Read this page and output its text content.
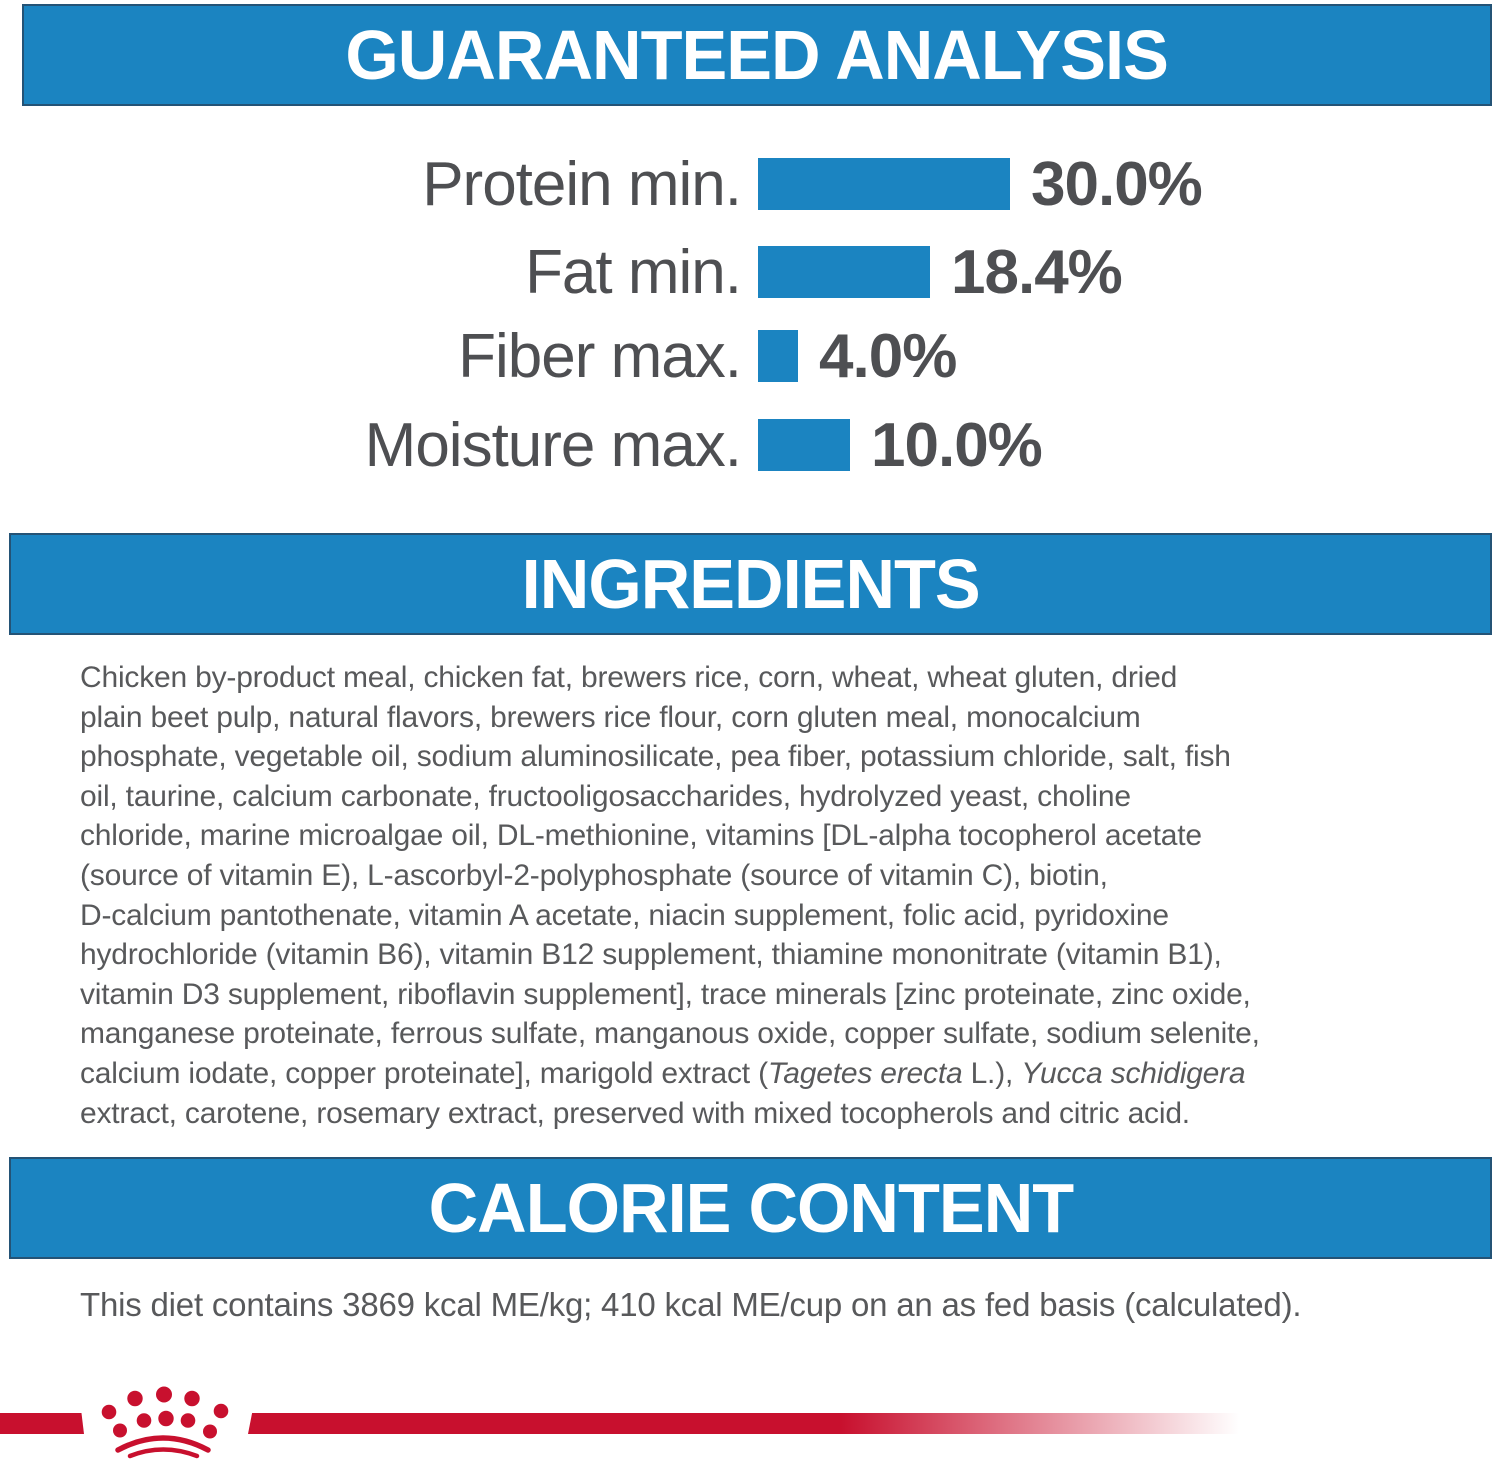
GUARANTEED ANALYSIS
Protein min.	30.0%
Fat min.	18.4%
Fiber max. 4.0%
Moisture max. 10.0%
INGREDIENTS
Chicken by-product meal, chicken fat, brewers rice, corn, wheat, wheat gluten, dried
plain beet pulp, natural flavors, brewers rice flour, corn gluten meal, monocalcium
phosphate, vegetable oil, sodium aluminosilicate, pea fiber, potassium chloride, salt, fish
oil, taurine, calcium carbonate, fructooligosaccharides, hydrolyzed yeast, choline
chloride, marine microalgae oil, DL-methionine, vitamins [DL-alpha tocopherol acetate
(source of vitamin E), L-ascorbyl-2-polyphosphate (source of vitamin C), biotin,
D-calcium pantothenate, vitamin A acetate, niacin supplement, folic acid, pyridoxine
hydrochloride (vitamin B6), vitamin B12 supplement, thiamine mononitrate (vitamin B1),
vitamin D3 supplement, riboflavin supplement], trace minerals [zinc proteinate, zinc oxide,
manganese proteinate, ferrous sulfate, manganous oxide, copper sulfate, sodium selenite,
calcium iodate, copper proteinate], marigold extract (Tagetes erecta L.), Yucca schidigera
extract, carotene, rosemary extract, preserved with mixed tocopherols and citric acid.
CALORIE CONTENT
This diet contains 3869 kcal ME/kg; 410 kcal ME/cup on an as fed basis (calculated).
